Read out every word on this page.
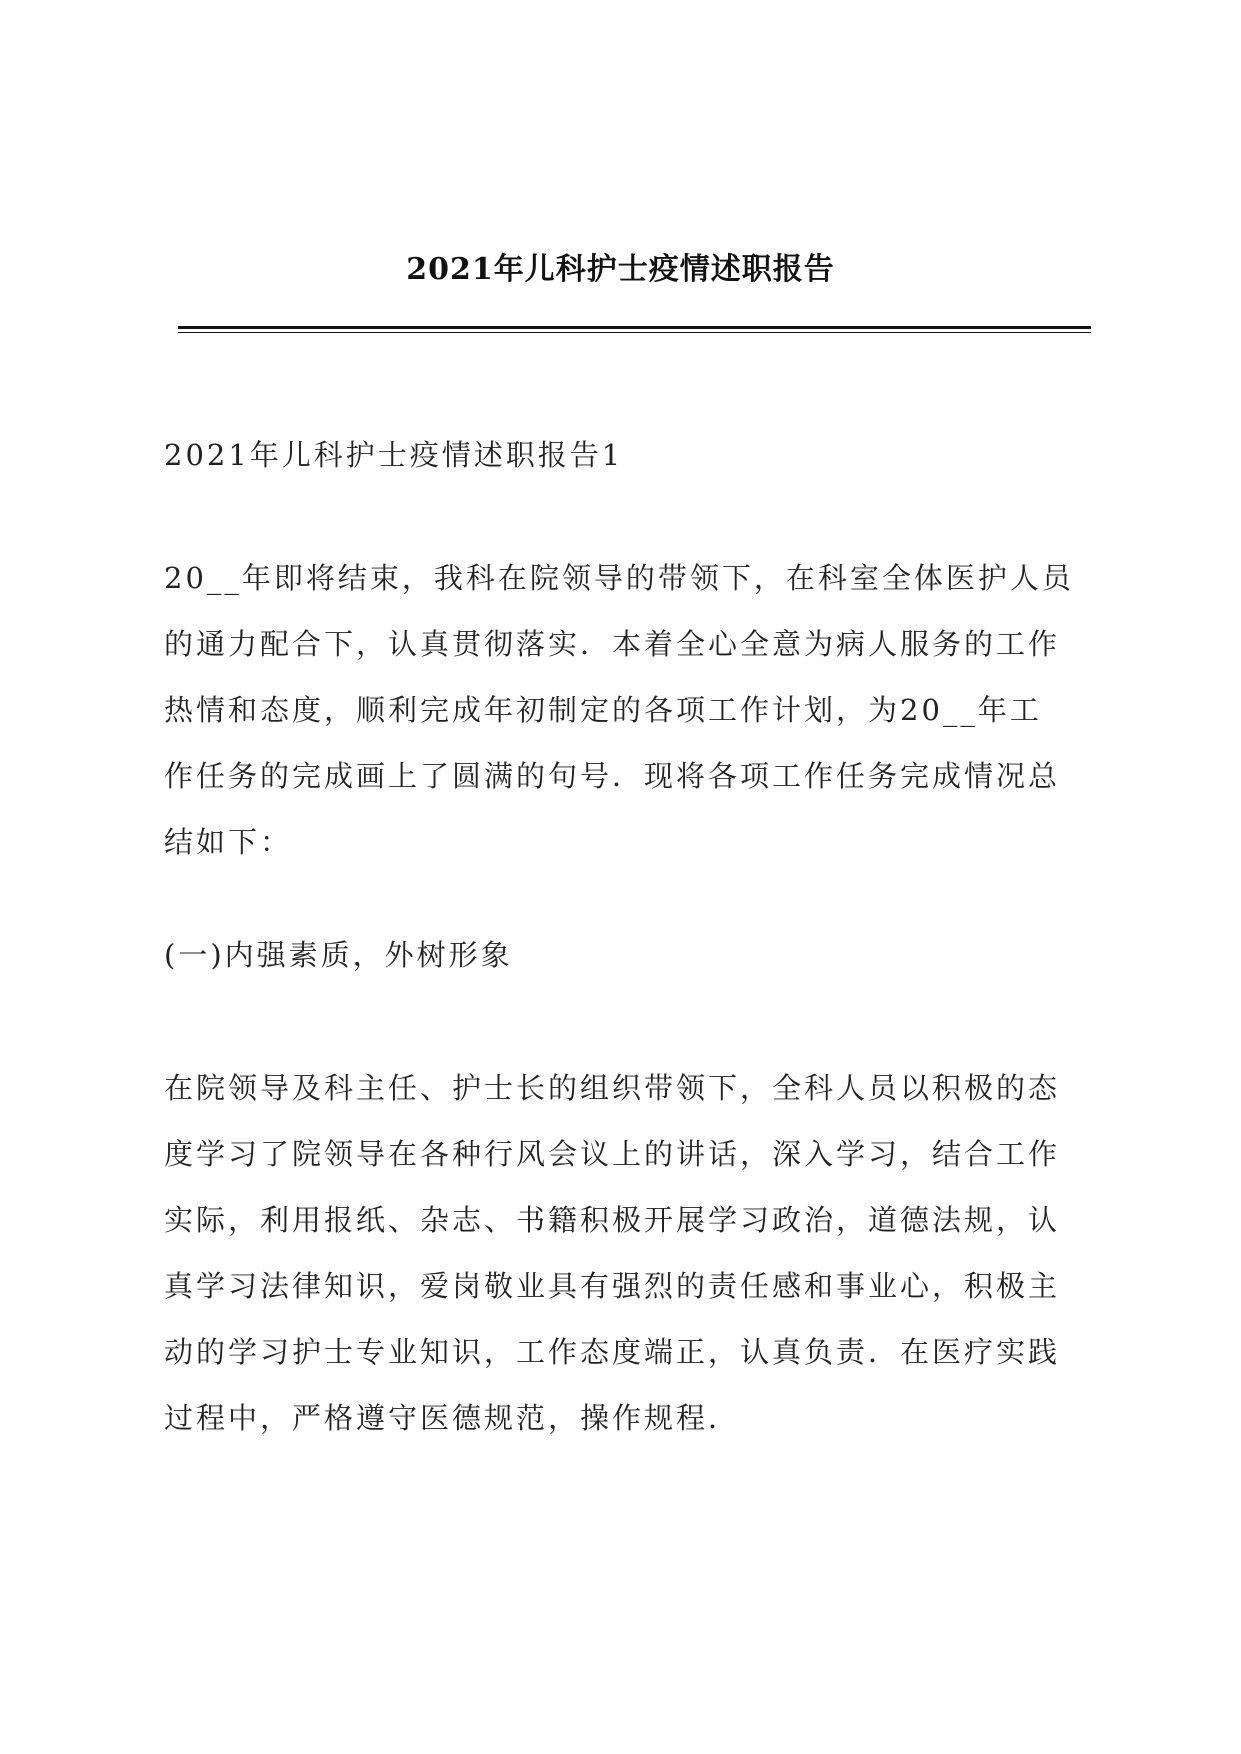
2021年儿科护士疫情述职报告
2021年儿科护士疫情述职报告1
20__年即将结束，我科在院领导的带领下，在科室全体医护人员
的通力配合下，认真贯彻落实．本着全心全意为病人服务的工作
热情和态度，顺利完成年初制定的各项工作计划，为20__年工
作任务的完成画上了圆满的句号．现将各项工作任务完成情况总
结如下：
(一)内强素质，外树形象
在院领导及科主任、护士长的组织带领下，全科人员以积极的态
度学习了院领导在各种行风会议上的讲话，深入学习，结合工作
实际，利用报纸、杂志、书籍积极开展学习政治，道德法规，认
真学习法律知识，爱岗敬业具有强烈的责任感和事业心，积极主
动的学习护士专业知识，工作态度端正，认真负责．在医疗实践
过程中，严格遵守医德规范，操作规程．
